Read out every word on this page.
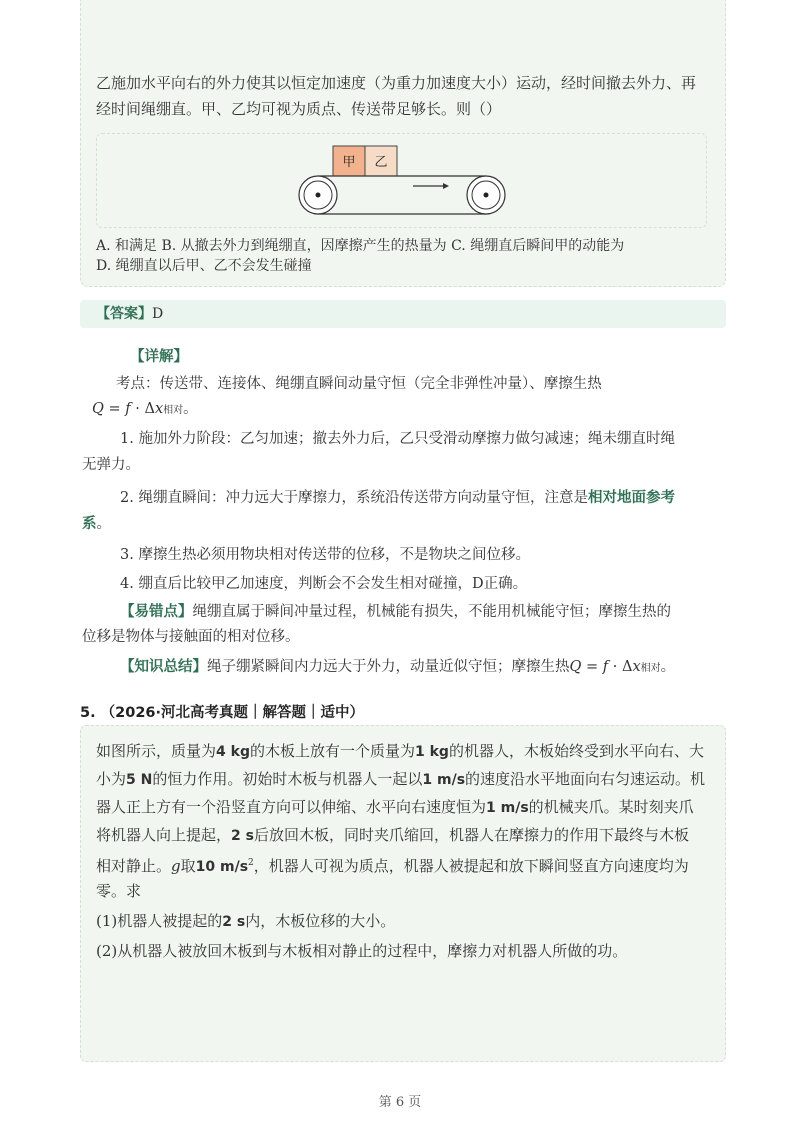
乙施加水平向右的外力使其以恒定加速度（为重力加速度大小）运动，经时间撤去外力、再
经时间绳绷直。甲、乙均可视为质点、传送带足够长。则（）
甲 乙
A. 和满足 B. 从撤去外力到绳绷直，因摩擦产生的热量为 C. 绳绷直后瞬间甲的动能为
D. 绳绷直以后甲、乙不会发生碰撞
【答案】D
【详解】
考点：传送带、连接体、绳绷直瞬间动量守恒（完全非弹性冲量）、摩擦生热
Q = f · Δx相对。
1. 施加外力阶段：乙匀加速；撤去外力后，乙只受滑动摩擦力做匀减速；绳未绷直时绳
无弹力。
2. 绳绷直瞬间：冲力远大于摩擦力，系统沿传送带方向动量守恒，注意是相对地面参考
系。
3. 摩擦生热必须用物块相对传送带的位移，不是物块之间位移。
4. 绷直后比较甲乙加速度，判断会不会发生相对碰撞，D正确。
【易错点】绳绷直属于瞬间冲量过程，机械能有损失，不能用机械能守恒；摩擦生热的
位移是物体与接触面的相对位移。
【知识总结】绳子绷紧瞬间内力远大于外力，动量近似守恒；摩擦生热Q = f · Δx相对。
5. （2026·河北高考真题｜解答题｜适中）
如图所示，质量为4 kg的木板上放有一个质量为1 kg的机器人，木板始终受到水平向右、大
小为5 N的恒力作用。初始时木板与机器人一起以1 m/s的速度沿水平地面向右匀速运动。机
器人正上方有一个沿竖直方向可以伸缩、水平向右速度恒为1 m/s的机械夹爪。某时刻夹爪
将机器人向上提起，2 s后放回木板，同时夹爪缩回，机器人在摩擦力的作用下最终与木板
相对静止。g取10 $m/s^2$，机器人可视为质点，机器人被提起和放下瞬间竖直方向速度均为
零。求
(1)机器人被提起的2 s内，木板位移的大小。
(2)从机器人被放回木板到与木板相对静止的过程中，摩擦力对机器人所做的功。
第 6 页
